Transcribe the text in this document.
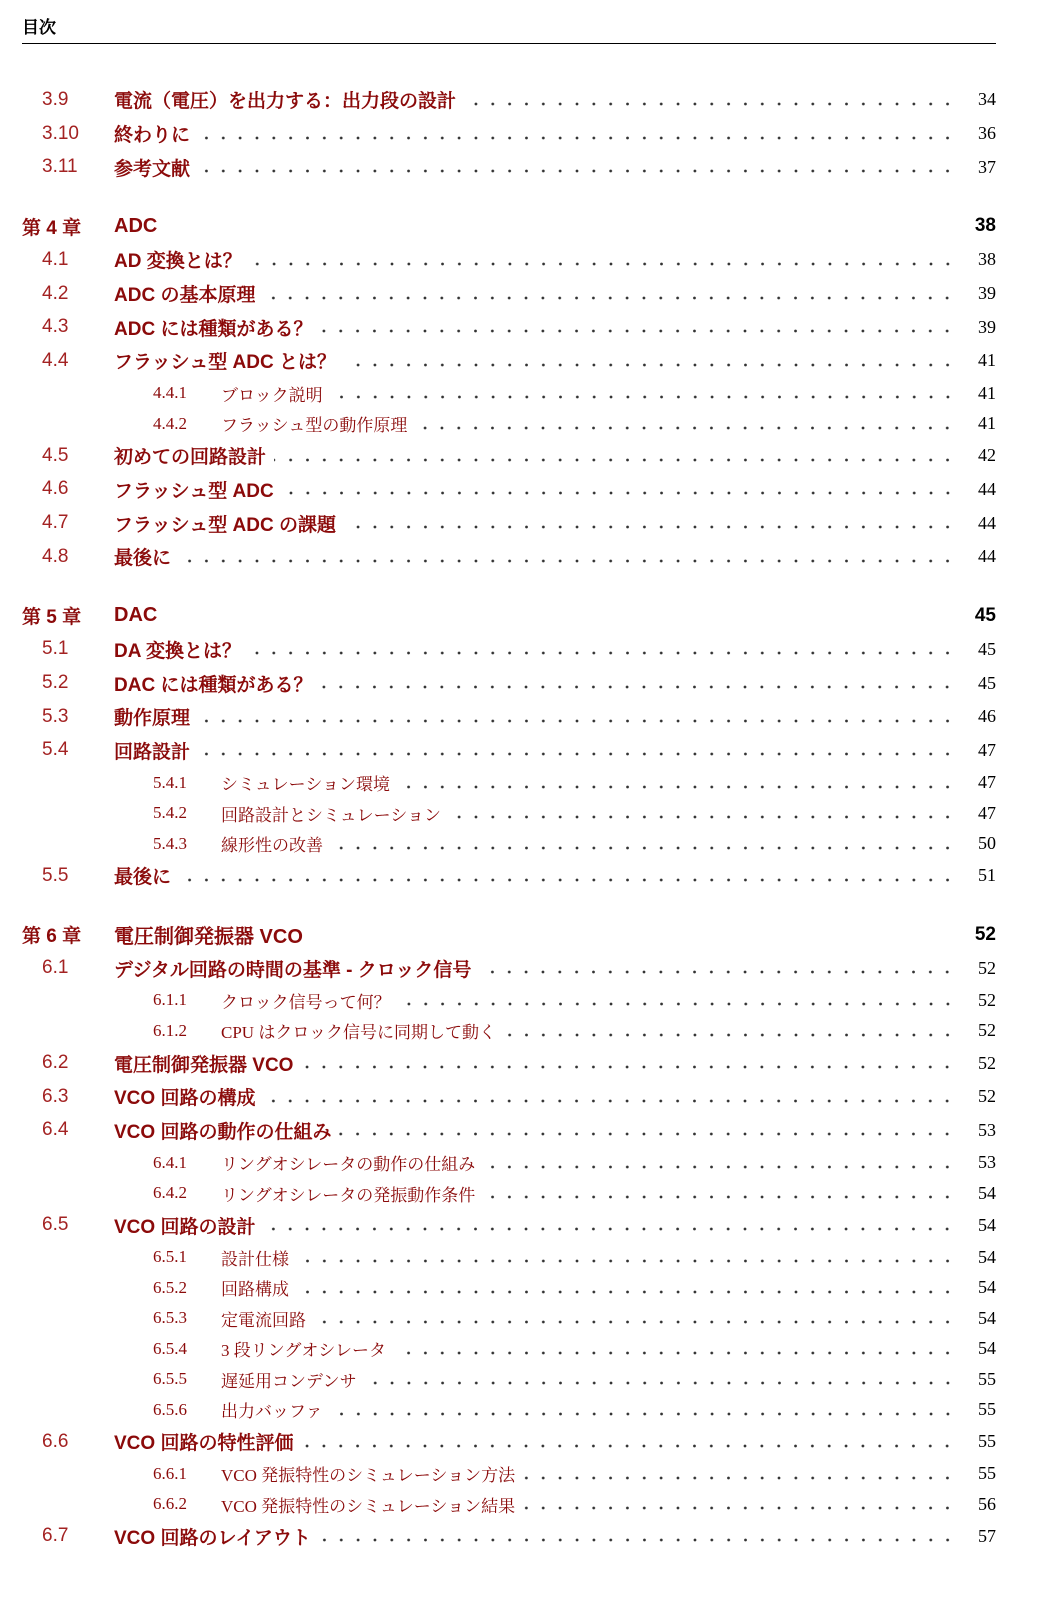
目次
3.9	電流（電圧）を出力する：出力段の設計	34
3.10	終わりに	36
3.11	参考文献	37
第 4 章	ADC	38
4.1	AD 変換とは？	38
4.2	ADC の基本原理	39
4.3	ADC には種類がある？	39
4.4	フラッシュ型 ADC とは？	41
4.4.1	ブロック説明	41
4.4.2	フラッシュ型の動作原理	41
4.5	初めての回路設計	42
4.6	フラッシュ型 ADC	44
4.7	フラッシュ型 ADC の課題	44
4.8	最後に	44
第 5 章	DAC	45
5.1	DA 変換とは？	45
5.2	DAC には種類がある？	45
5.3	動作原理	46
5.4	回路設計	47
5.4.1	シミュレーション環境	47
5.4.2	回路設計とシミュレーション	47
5.4.3	線形性の改善	50
5.5	最後に	51
第 6 章	電圧制御発振器 VCO	52
6.1	デジタル回路の時間の基準 - クロック信号	52
6.1.1	クロック信号って何？	52
6.1.2	CPU はクロック信号に同期して動く	52
6.2	電圧制御発振器 VCO	52
6.3	VCO 回路の構成	52
6.4	VCO 回路の動作の仕組み	53
6.4.1	リングオシレータの動作の仕組み	53
6.4.2	リングオシレータの発振動作条件	54
6.5	VCO 回路の設計	54
6.5.1	設計仕様	54
6.5.2	回路構成	54
6.5.3	定電流回路	54
6.5.4	3 段リングオシレータ	54
6.5.5	遅延用コンデンサ	55
6.5.6	出力バッファ	55
6.6	VCO 回路の特性評価	55
6.6.1	VCO 発振特性のシミュレーション方法	55
6.6.2	VCO 発振特性のシミュレーション結果	56
6.7	VCO 回路のレイアウト	57
